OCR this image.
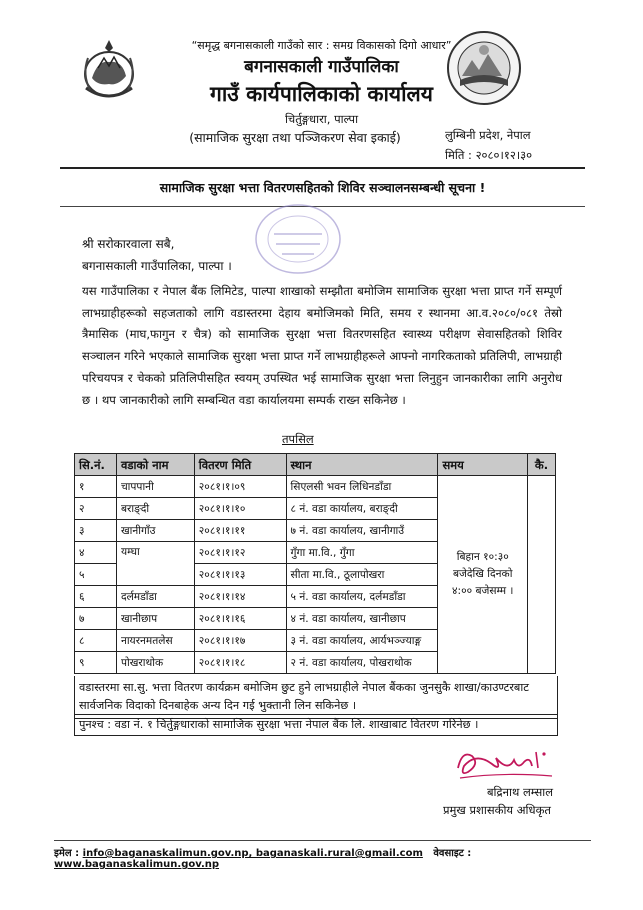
“समृद्ध बगनासकाली गाउँको सार : समग्र विकासको दिगो आधार”
बगनासकाली गाउँपालिका
गाउँ कार्यपालिकाको कार्यालय
चिर्तुङ्गधारा, पाल्पा
(सामाजिक सुरक्षा तथा पञ्जिकरण सेवा इकाई)	लुम्बिनी प्रदेश, नेपाल
मिति : २०८०।१२।३०
सामाजिक सुरक्षा भत्ता वितरणसहितको शिविर सञ्चालनसम्बन्धी सूचना !
श्री सरोकारवाला सबै,
बगनासकाली गाउँपालिका, पाल्पा ।
यस गाउँपालिका र नेपाल बैंक लिमिटेड, पाल्पा शाखाको सम्झौता बमोजिम सामाजिक सुरक्षा भत्ता प्राप्त गर्ने सम्पूर्ण लाभग्राहीहरूको सहजताको लागि वडास्तरमा देहाय बमोजिमको मिति, समय र स्थानमा आ.व.२०८०/०८१ तेस्रो त्रैमासिक (माघ,फागुन र चैत्र) को सामाजिक सुरक्षा भत्ता वितरणसहित स्वास्थ्य परीक्षण सेवासहितको शिविर सञ्चालन गरिने भएकाले सामाजिक सुरक्षा भत्ता प्राप्त गर्ने लाभग्राहीहरूले आफ्नो नागरिकताको प्रतिलिपी, लाभग्राही परिचयपत्र र चेकको प्रतिलिपीसहित स्वयम् उपस्थित भई सामाजिक सुरक्षा भत्ता लिनुहुन जानकारीका लागि अनुरोध छ । थप जानकारीको लागि सम्बन्धित वडा कार्यालयमा सम्पर्क राख्न सकिनेछ ।
तपसिल
सि.नं.	वडाको नाम	वितरण मिति	स्थान	समय	कै.
१	चापपानी	२०८१।१।०९	सिएलसी भवन लिधिनडाँडा	बिहान १०:३० बजेदेखि दिनको ४:०० बजेसम्म ।	
२	बराङ्दी	२०८१।१।१०	८ नं. वडा कार्यालय, बराङ्दी		
३	खानीगाँउ	२०८१।१।११	७ नं. वडा कार्यालय, खानीगाउँ		
४	यम्घा	२०८१।१।१२	गुँगा मा.वि., गुँगा		
५		२०८१।१।१३	सीता मा.वि., ठूलापोखरा		
६	दर्लमडाँडा	२०८१।१।१४	५ नं. वडा कार्यालय, दर्लमडाँडा		
७	खानीछाप	२०८१।१।१६	४ नं. वडा कार्यालय, खानीछाप		
८	नायरनमतलेस	२०८१।१।१७	३ नं. वडा कार्यालय, आर्यभञ्ज्याङ्ग		
९	पोखराथोक	२०८१।१।१८	२ नं. वडा कार्यालय, पोखराथोक		
वडास्तरमा सा.सु. भत्ता वितरण कार्यक्रम बमोजिम छुट हुने लाभग्राहीले नेपाल बैंकका जुनसुकै शाखा/काउण्टरबाट सार्वजनिक विदाको दिनबाहेक अन्य दिन गई भुक्तानी लिन सकिनेछ ।
पुनश्च : वडा नं. १ चिर्तुङ्गधाराको सामाजिक सुरक्षा भत्ता नेपाल बैंक लि. शाखाबाट वितरण गरिनेछ ।
बद्रिनाथ लम्साल
प्रमुख प्रशासकीय अधिकृत
इमेल : info@baganaskalimun.gov.np, baganaskali.rural@gmail.com वेवसाइट : www.baganaskalimun.gov.np
